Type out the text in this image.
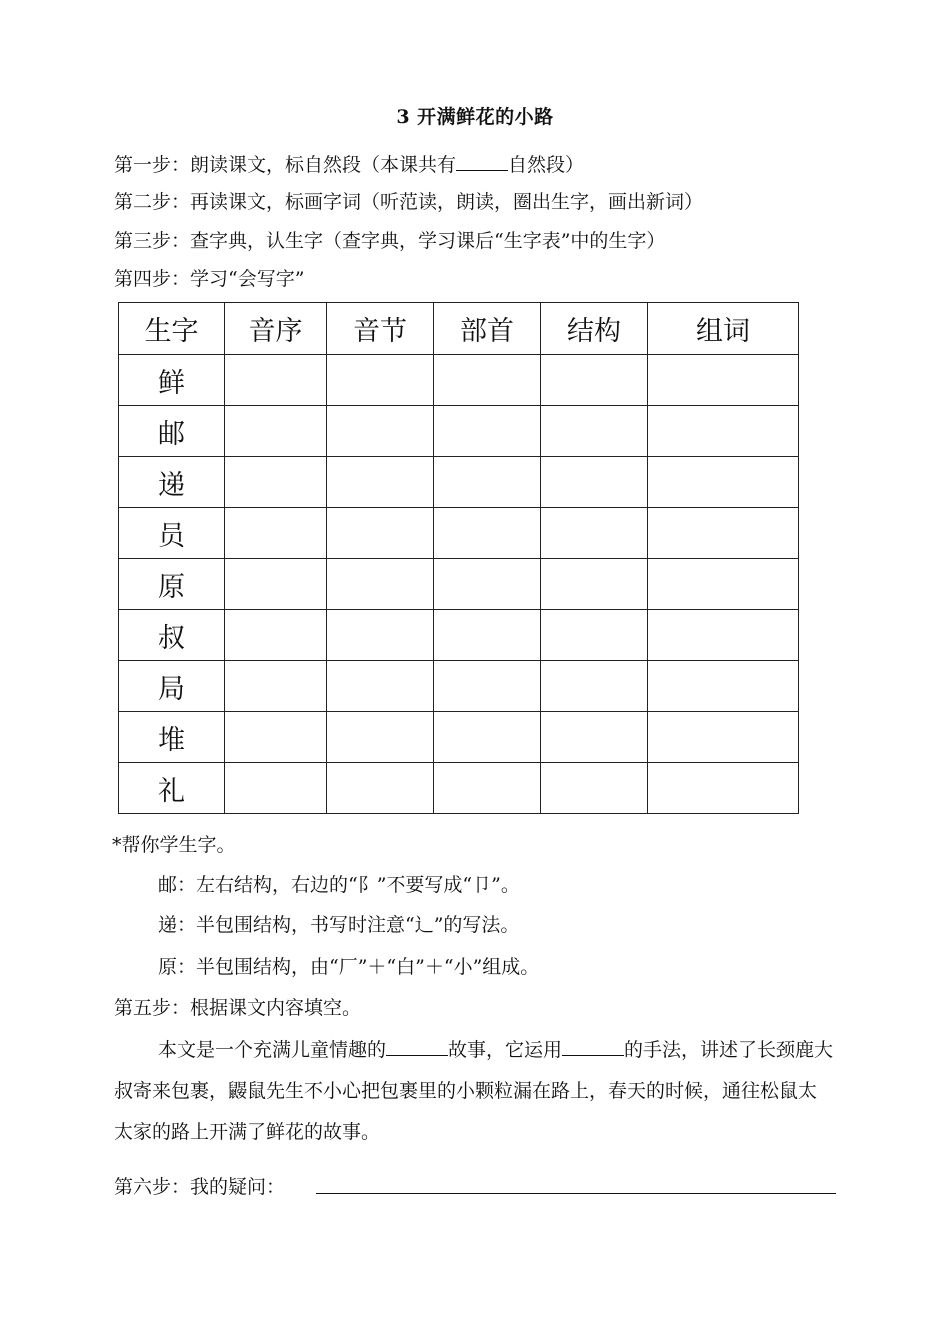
3 开满鲜花的小路
第一步：朗读课文，标自然段（本课共有	自然段）
第二步：再读课文，标画字词（听范读，朗读，圈出生字，画出新词）
第三步：查字典，认生字（查字典，学习课后“生字表”中的生字）
第四步：学习“会写字”
生字	音序	音节	部首	结构	组词
鲜					
邮					
递					
员					
原					
叔					
局					
堆					
礼					
*帮你学生字。
邮：左右结构，右边的“阝”不要写成“卩”。
递：半包围结构，书写时注意“辶”的写法。
原：半包围结构，由“厂”＋“白”＋“小”组成。
第五步：根据课文内容填空。
本文是一个充满儿童情趣的	故事，它运用	的手法，讲述了长颈鹿大叔寄来包裹，鼹鼠先生不小心把包裹里的小颗粒漏在路上，春天的时候，通往松鼠太太家的路上开满了鲜花的故事。
第六步：我的疑问：
